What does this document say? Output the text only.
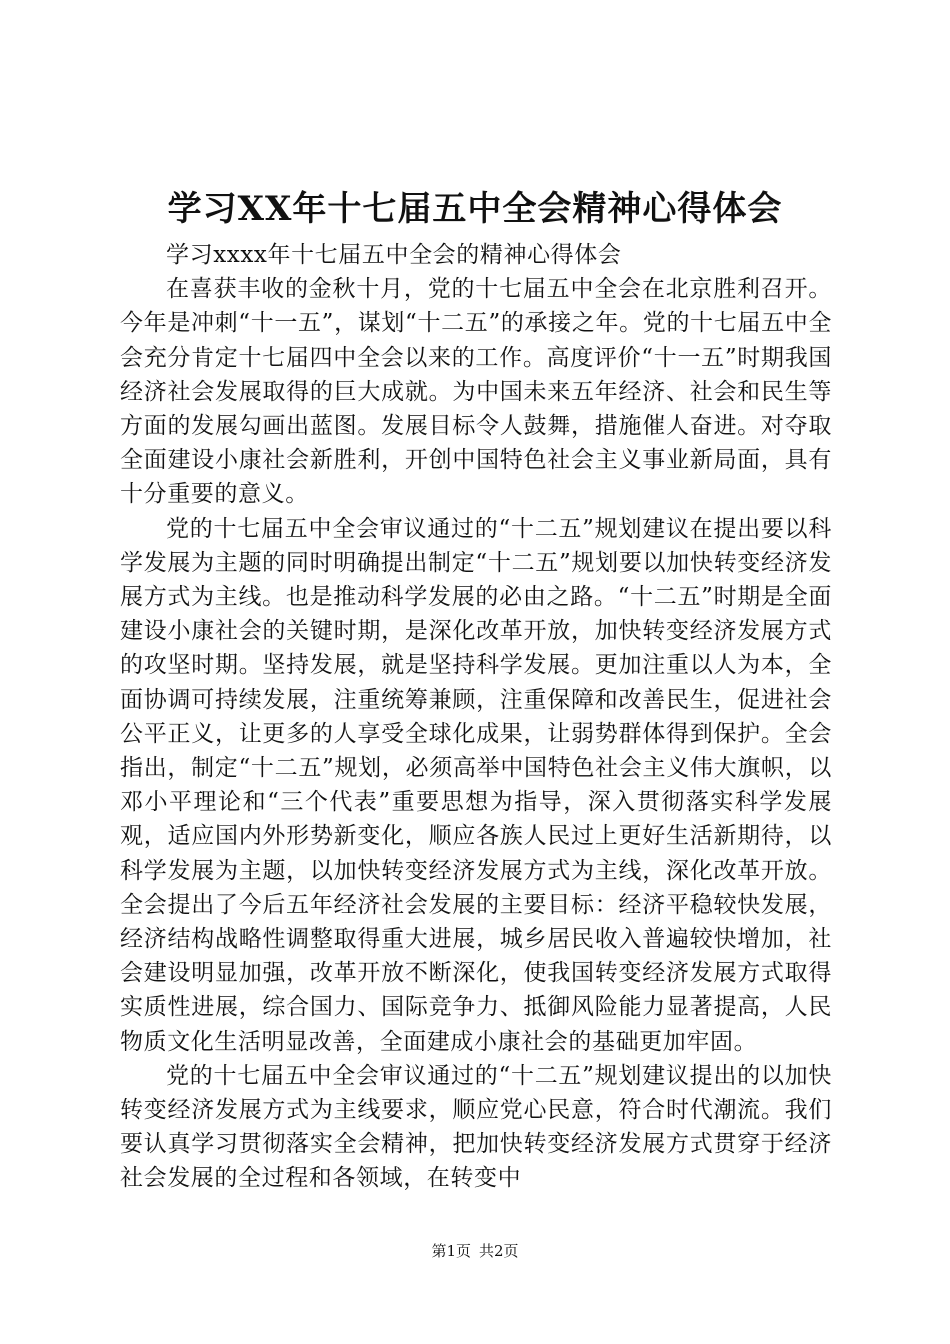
学习XX年十七届五中全会精神心得体会

学习xxxx年十七届五中全会的精神心得体会

在喜获丰收的金秋十月，党的十七届五中全会在北京胜利召开。今年是冲刺“十一五”，谋划“十二五”的承接之年。党的十七届五中全会充分肯定十七届四中全会以来的工作。高度评价“十一五”时期我国经济社会发展取得的巨大成就。为中国未来五年经济、社会和民生等方面的发展勾画出蓝图。发展目标令人鼓舞，措施催人奋进。对夺取全面建设小康社会新胜利，开创中国特色社会主义事业新局面，具有十分重要的意义。

党的十七届五中全会审议通过的“十二五”规划建议在提出要以科学发展为主题的同时明确提出制定“十二五”规划要以加快转变经济发展方式为主线。也是推动科学发展的必由之路。“十二五”时期是全面建设小康社会的关键时期，是深化改革开放，加快转变经济发展方式的攻坚时期。坚持发展，就是坚持科学发展。更加注重以人为本，全面协调可持续发展，注重统筹兼顾，注重保障和改善民生，促进社会公平正义，让更多的人享受全球化成果，让弱势群体得到保护。全会指出，制定“十二五”规划，必须高举中国特色社会主义伟大旗帜，以邓小平理论和“三个代表”重要思想为指导，深入贯彻落实科学发展观，适应国内外形势新变化，顺应各族人民过上更好生活新期待，以科学发展为主题，以加快转变经济发展方式为主线，深化改革开放。全会提出了今后五年经济社会发展的主要目标：经济平稳较快发展，经济结构战略性调整取得重大进展，城乡居民收入普遍较快增加，社会建设明显加强，改革开放不断深化，使我国转变经济发展方式取得实质性进展，综合国力、国际竞争力、抵御风险能力显著提高，人民物质文化生活明显改善，全面建成小康社会的基础更加牢固。

党的十七届五中全会审议通过的“十二五”规划建议提出的以加快转变经济发展方式为主线要求，顺应党心民意，符合时代潮流。我们要认真学习贯彻落实全会精神，把加快转变经济发展方式贯穿于经济社会发展的全过程和各领域，在转变中

第1页 共2页
